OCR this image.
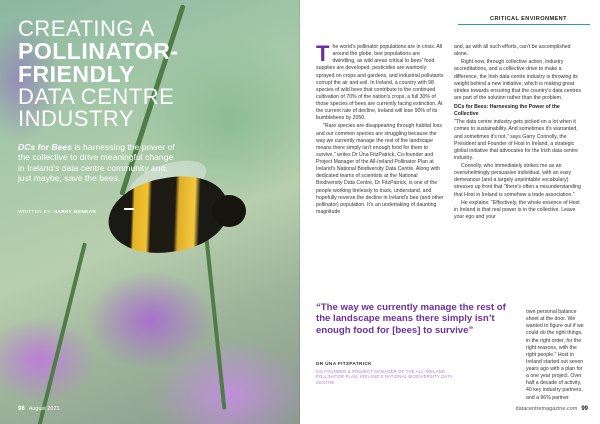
CREATING A
POLLINATOR-
FRIENDLY
DATA CENTRE
INDUSTRY

DCs for Bees is harnessing the power of the collective to drive meaningful change in Ireland's data centre community and, just maybe, save the bees.

WRITTEN BY: HARRY MENEAR
98 August 2021
CRITICAL ENVIRONMENT

The world's pollinator populations are in crisis. All around the globe, bee populations are dwindling, as wild areas critical to bees' food supplies are developed, pesticides are wantonly sprayed on crops and gardens, and industrial pollutants corrupt the air and soil. In Ireland, a country with 98 species of wild bees that contribute to the continued cultivation of 70% of the nation's crops, a full 30% of those species of bees are currently facing extinction. At the current rate of decline, Ireland will lose 90% of its bumblebees by 2050.

"Rare species are disappearing through habitat loss and our common species are struggling because the way we currently manage the rest of the landscape means there simply isn't enough food for them to survive," writes Dr Úna FitzPatrick, Co-founder and Project Manager of the All-Ireland Pollinator Plan at Ireland's National Biodiversity Data Centre. Along with dedicated teams of scientists at the National Biodiversity Data Centre, Dr FitzPatrick, is one of the people working tirelessly to track, understand, and hopefully reverse the decline in Ireland's bee (and other pollinator) population. It's an undertaking of daunting magnitude

and, as with all such efforts, can't be accomplished alone.

Right now, through collective action, industry accreditations, and a collective drive to make a difference, the Irish data centre industry is throwing its weight behind a new initiative, which is making great strides towards ensuring that the country's data centres are part of the solution rather than the problem.

DCs for Bees: Harnessing the Power of the Collective

"The data centre industry gets picked on a lot when it comes to sustainability. And sometimes it's warranted, and sometimes it's not," says Garry Connolly, the President and Founder of Host in Ireland, a strategic global initiative that advocates for the Irish data centre industry.

Connolly, who immediately strikes me as an overwhelmingly persuasive individual, with an easy demeanour (and a largely unprintable vocabulary) stresses up front that "there's often a misunderstanding that Host in Ireland is somehow a trade association."

He explains: "Effectively, the whole essence of Host in Ireland is that real power is in the collective. Leave your ego and your

own personal balance sheet at the door. We wanted to figure out if we could do the right things, in the right order, for the right reasons, with the right people." Host in Ireland started out seven years ago with a plan for a one year project. Over half a decade of activity, 40 key industry partners, and a 96% partner

“The way we currently manage the rest of the landscape means there simply isn’t enough food for [bees] to survive”
DR ÚNA FITZPATRICK
CO-FOUNDER & PROJECT MANAGER OF THE ALL-IRELAND POLLINATOR PLAN, IRELAND'S NATIONAL BIODIVERSITY DATA CENTRE
datacentremagazine.com 99
